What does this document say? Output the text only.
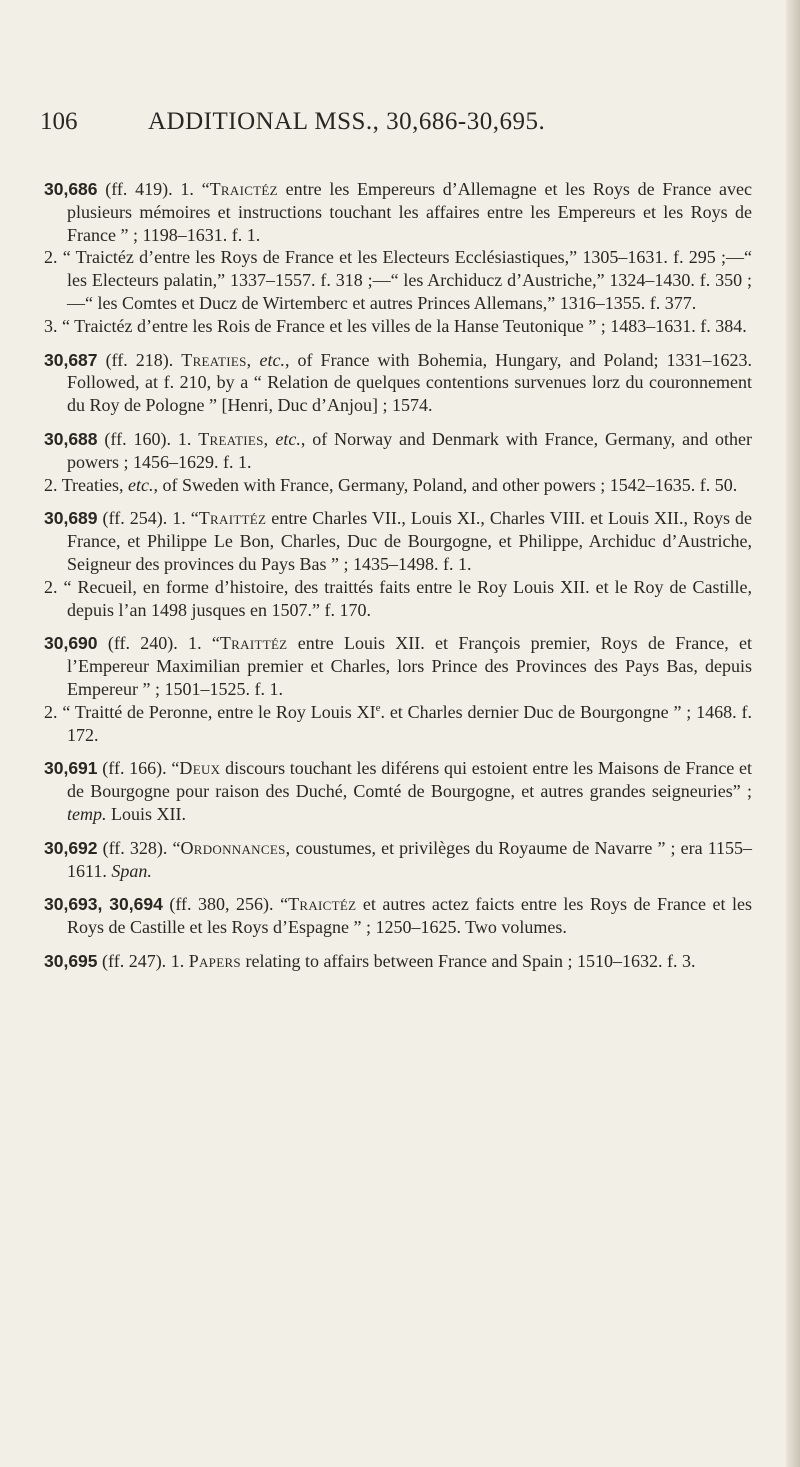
106	ADDITIONAL MSS., 30,686-30,695.

30,686 (ff. 419). 1. “Traictéz entre les Empereurs d’Allemagne et les Roys de France avec plusieurs mémoires et instructions touchant les affaires entre les Empereurs et les Roys de France ” ; 1198–1631. f. 1.

2. “ Traictéz d’entre les Roys de France et les Electeurs Ecclésiastiques,” 1305–1631. f. 295 ;—“ les Electeurs palatin,” 1337–1557. f. 318 ;—“ les Archiducz d’Austriche,” 1324–1430. f. 350 ;—“ les Comtes et Ducz de Wirtemberc et autres Princes Allemans,” 1316–1355. f. 377.

3. “ Traictéz d’entre les Rois de France et les villes de la Hanse Teutonique ” ; 1483–1631. f. 384.

30,687 (ff. 218). Treaties, etc., of France with Bohemia, Hungary, and Poland; 1331–1623. Followed, at f. 210, by a “ Relation de quelques contentions survenues lorz du couronnement du Roy de Pologne ” [Henri, Duc d’Anjou] ; 1574.

30,688 (ff. 160). 1. Treaties, etc., of Norway and Denmark with France, Germany, and other powers ; 1456–1629. f. 1.

2. Treaties, etc., of Sweden with France, Germany, Poland, and other powers ; 1542–1635. f. 50.

30,689 (ff. 254). 1. “Traittéz entre Charles VII., Louis XI., Charles VIII. et Louis XII., Roys de France, et Philippe Le Bon, Charles, Duc de Bourgogne, et Philippe, Archiduc d’Austriche, Seigneur des provinces du Pays Bas ” ; 1435–1498. f. 1.

2. “ Recueil, en forme d’histoire, des traittés faits entre le Roy Louis XII. et le Roy de Castille, depuis l’an 1498 jusques en 1507.” f. 170.

30,690 (ff. 240). 1. “Traittéz entre Louis XII. et François premier, Roys de France, et l’Empereur Maximilian premier et Charles, lors Prince des Provinces des Pays Bas, depuis Empereur ” ; 1501–1525. f. 1.

2. “ Traitté de Peronne, entre le Roy Louis XIe. et Charles dernier Duc de Bourgongne ” ; 1468. f. 172.

30,691 (ff. 166). “Deux discours touchant les diférens qui estoient entre les Maisons de France et de Bourgogne pour raison des Duché, Comté de Bourgogne, et autres grandes seigneuries” ; temp. Louis XII.

30,692 (ff. 328). “Ordonnances, coustumes, et privilèges du Royaume de Navarre ” ; era 1155–1611. Span.

30,693, 30,694 (ff. 380, 256). “Traictéz et autres actez faicts entre les Roys de France et les Roys de Castille et les Roys d’Espagne ” ; 1250–1625. Two volumes.

30,695 (ff. 247). 1. Papers relating to affairs between France and Spain ; 1510–1632. f. 3.
